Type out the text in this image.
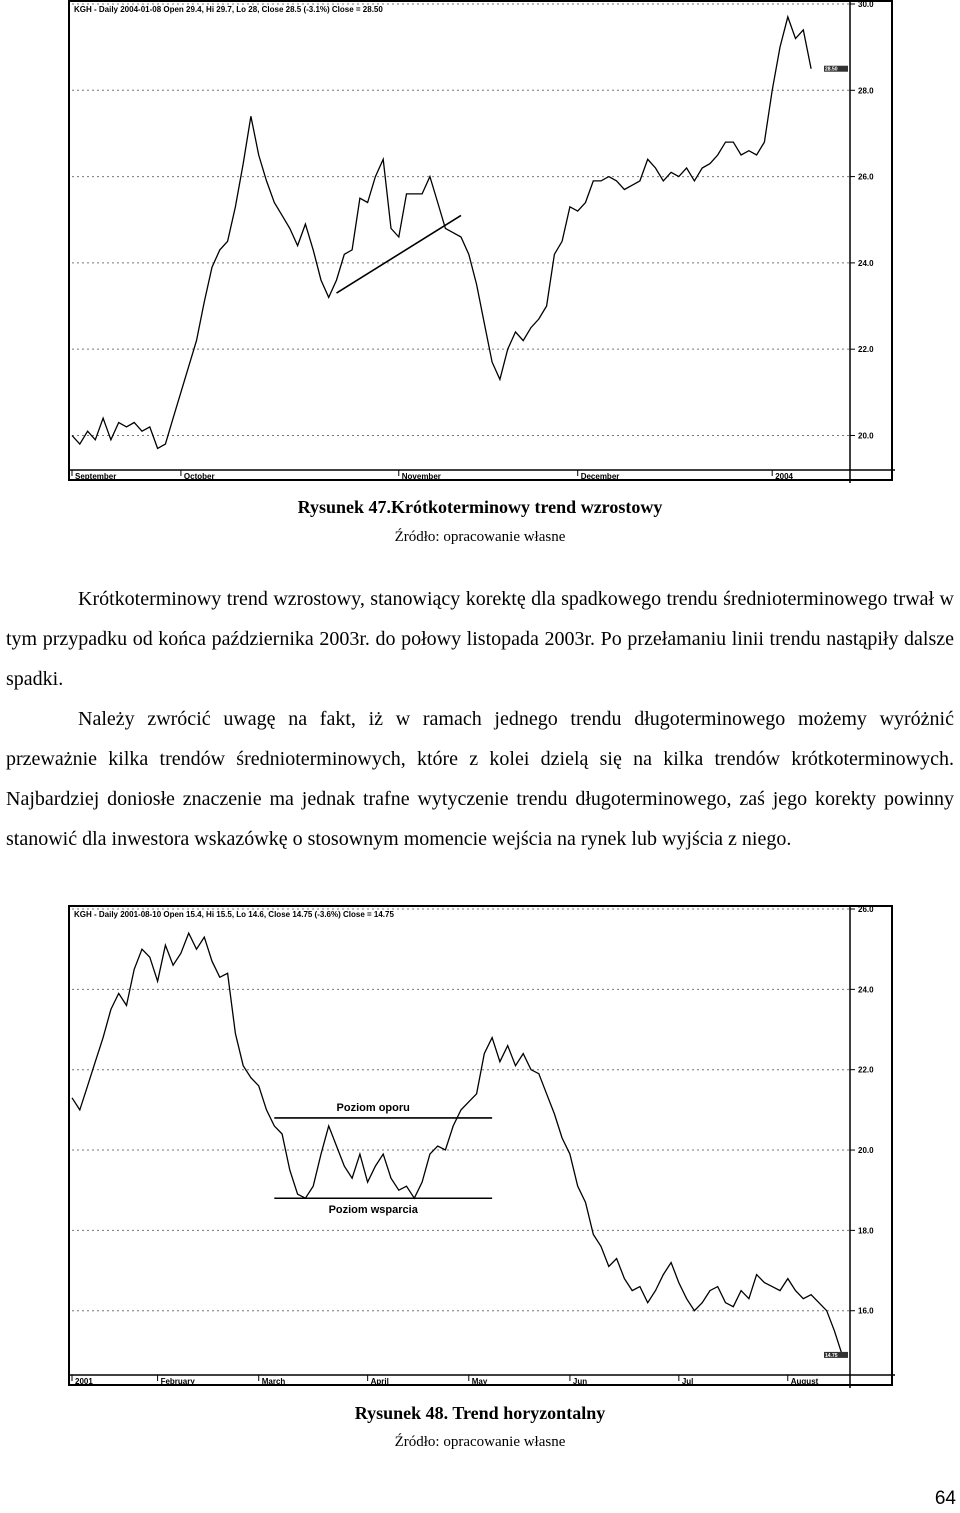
30.0
28.0
26.0
24.0
22.0
20.0
September	October	November	December	2004
KGH - Daily 2004-01-08 Open 29.4, Hi 29.7, Lo 28, Close 28.5 (-3.1%) Close = 28.50
28.50

Rysunek 47.Krótkoterminowy trend wzrostowy

Źródło: opracowanie własne

Krótkoterminowy trend wzrostowy, stanowiący korektę dla spadkowego trendu średnioterminowego trwał w tym przypadku od końca października 2003r. do połowy listopada 2003r. Po przełamaniu linii trendu nastąpiły dalsze spadki.

Należy zwrócić uwagę na fakt, iż w ramach jednego trendu długoterminowego możemy wyróżnić przeważnie kilka trendów średnioterminowych, które z kolei dzielą się na kilka trendów krótkoterminowych. Najbardziej doniosłe znaczenie ma jednak trafne wytyczenie trendu długoterminowego, zaś jego korekty powinny stanowić dla inwestora wskazówkę o stosownym momencie wejścia na rynek lub wyjścia z niego.

26.0
24.0
22.0
20.0
18.0
16.0
2001	February	March	April	May	Jun	Jul	August
KGH - Daily 2001-08-10 Open 15.4, Hi 15.5, Lo 14.6, Close 14.75 (-3.6%) Close = 14.75
14.75
Poziom oporu
Poziom wsparcia

Rysunek 48. Trend horyzontalny

Źródło: opracowanie własne

64
